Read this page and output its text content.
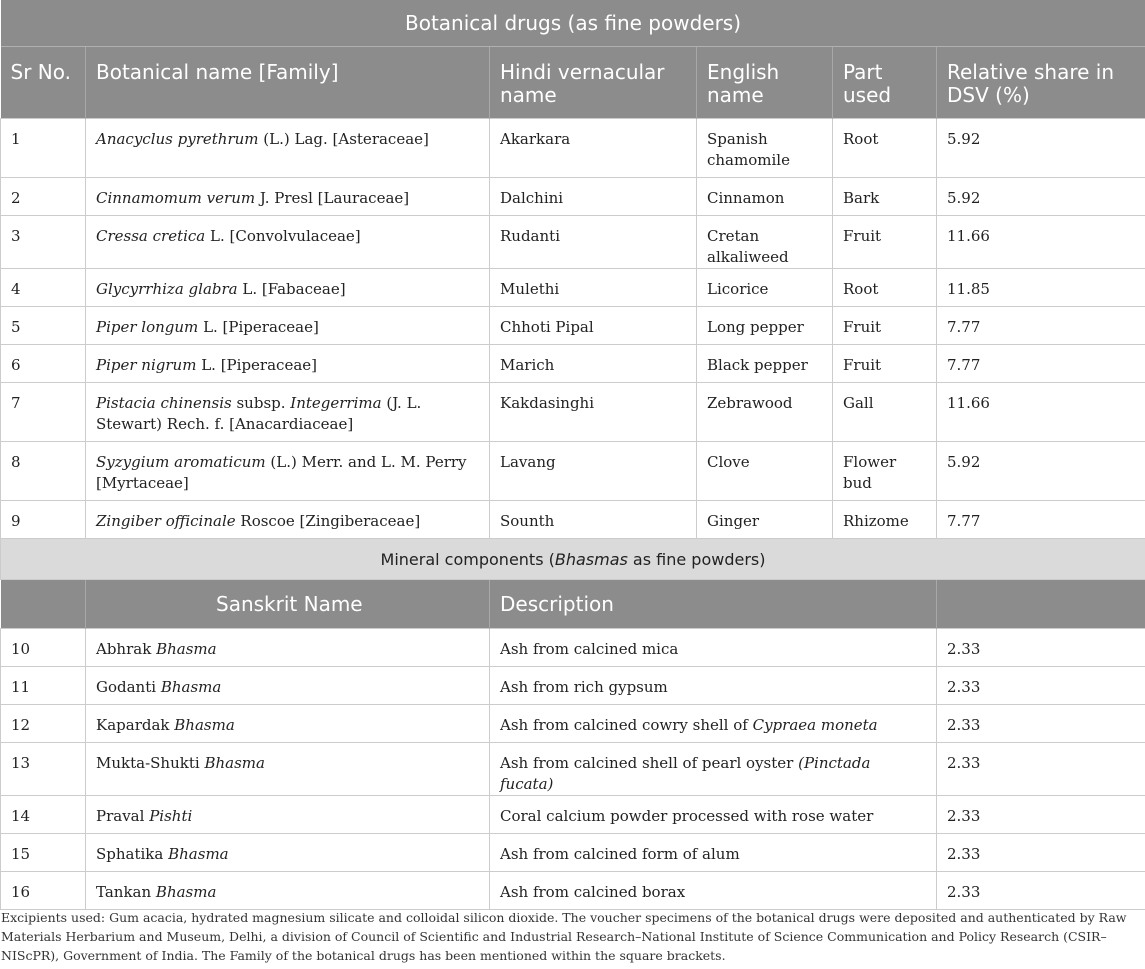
Botanical drugs (as fine powders)					
Sr No.	Botanical name [Family]	Hindi vernacular name	English name	Part used	Relative share in DSV (%)
1	Anacyclus pyrethrum (L.) Lag. [Asteraceae]	Akarkara	Spanish chamomile	Root	5.92
2	Cinnamomum verum J. Presl [Lauraceae]	Dalchini	Cinnamon	Bark	5.92
3	Cressa cretica L. [Convolvulaceae]	Rudanti	Cretan alkaliweed	Fruit	11.66
4	Glycyrrhiza glabra L. [Fabaceae]	Mulethi	Licorice	Root	11.85
5	Piper longum L. [Piperaceae]	Chhoti Pipal	Long pepper	Fruit	7.77
6	Piper nigrum L. [Piperaceae]	Marich	Black pepper	Fruit	7.77
7	Pistacia chinensis subsp. Integerrima (J. L. Stewart) Rech. f. [Anacardiaceae]	Kakdasinghi	Zebrawood	Gall	11.66
8	Syzygium aromaticum (L.) Merr. and L. M. Perry [Myrtaceae]	Lavang	Clove	Flower bud	5.92
9	Zingiber officinale Roscoe [Zingiberaceae]	Sounth	Ginger	Rhizome	7.77
Mineral components (Bhasmas as fine powders)					
	Sanskrit Name	Description			
10	Abhrak Bhasma	Ash from calcined mica			2.33
11	Godanti Bhasma	Ash from rich gypsum			2.33
12	Kapardak Bhasma	Ash from calcined cowry shell of Cypraea moneta			2.33
13	Mukta-Shukti Bhasma	Ash from calcined shell of pearl oyster (Pinctada fucata)			2.33
14	Praval Pishti	Coral calcium powder processed with rose water			2.33
15	Sphatika Bhasma	Ash from calcined form of alum			2.33
16	Tankan Bhasma	Ash from calcined borax			2.33
Excipients used: Gum acacia, hydrated magnesium silicate and colloidal silicon dioxide. The voucher specimens of the botanical drugs were deposited and authenticated by Raw Materials Herbarium and Museum, Delhi, a division of Council of Scientific and Industrial Research–National Institute of Science Communication and Policy Research (CSIR–NIScPR), Government of India. The Family of the botanical drugs has been mentioned within the square brackets.
